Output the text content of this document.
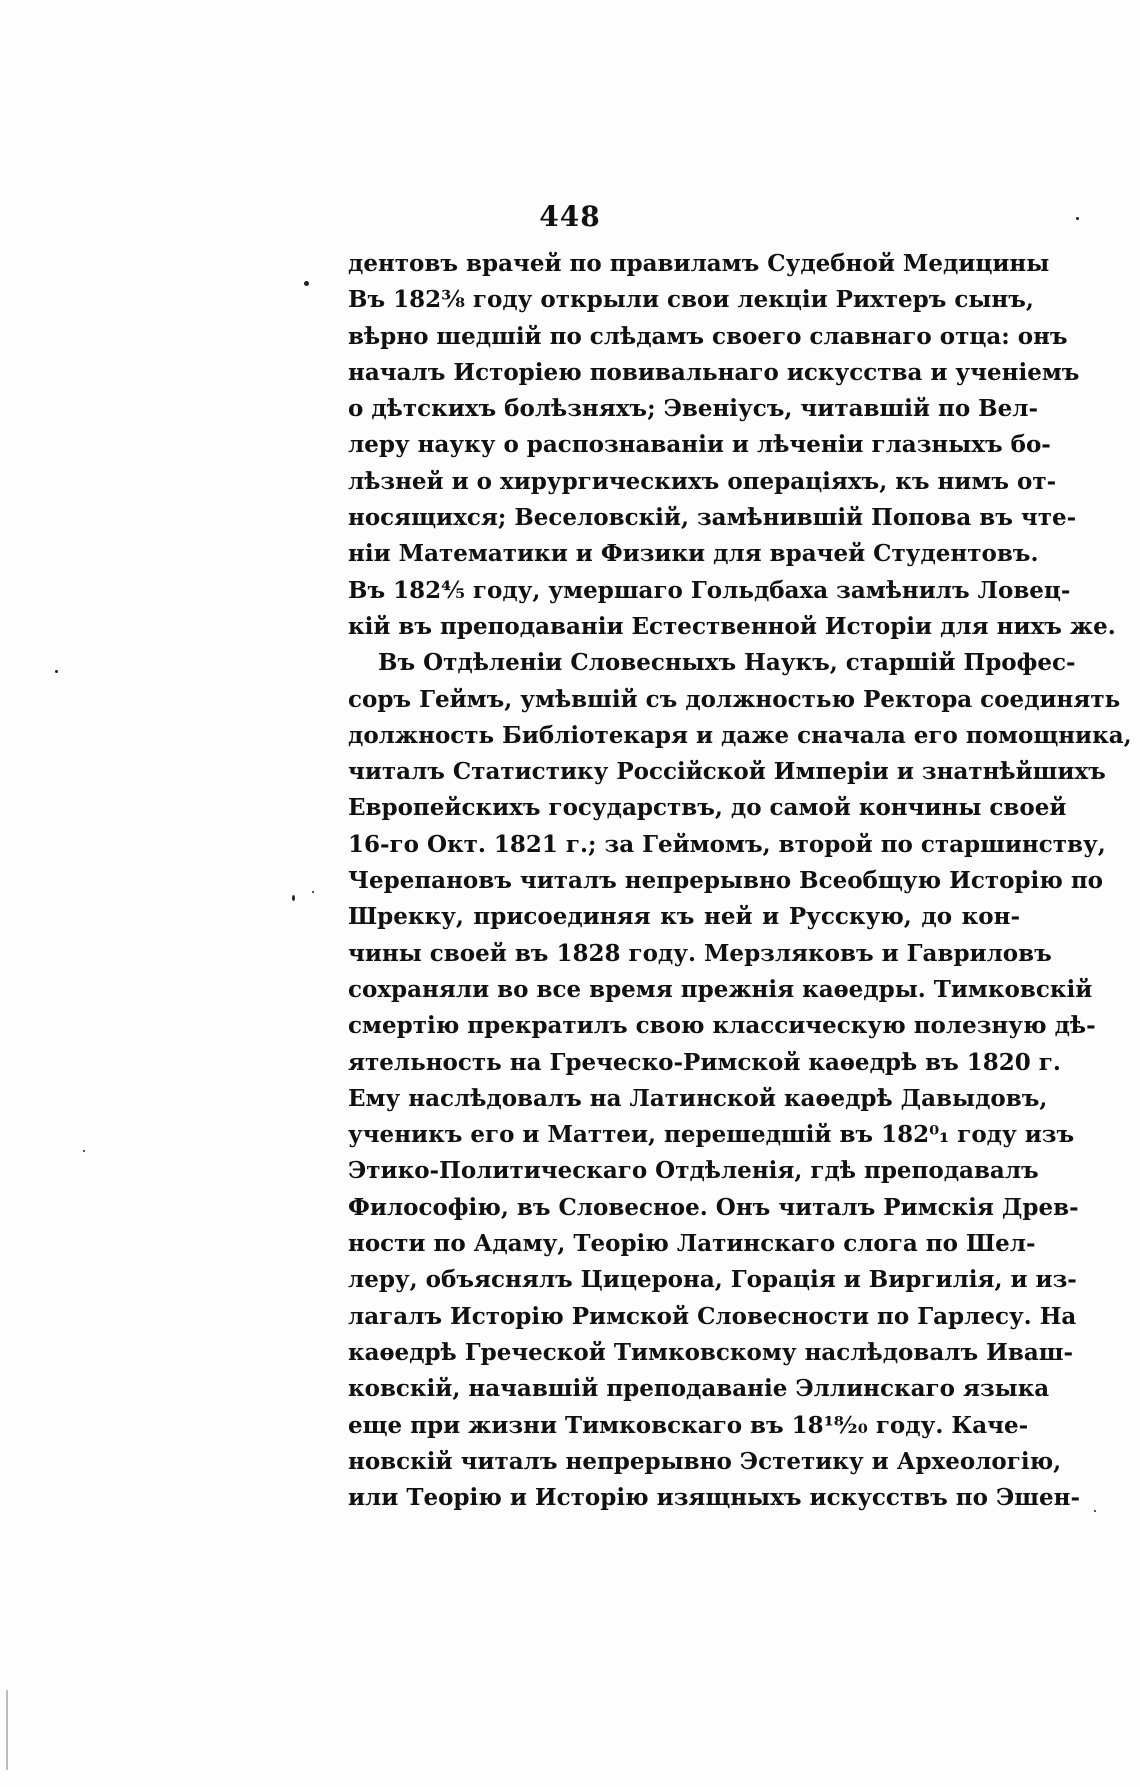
448
дентовъ врачей по правиламъ Судебной Медицины
Въ 182⅜ году открыли свои лекціи Рихтеръ сынъ,
вѣрно шедшій по слѣдамъ своего славнаго отца: онъ
началъ Исторіею повивальнаго искусства и ученіемъ
о дѣтскихъ болѣзняхъ; Эвеніусъ, читавшій по Вел-
леру науку о распознаваніи и лѣченіи глазныхъ бо-
лѣзней и о хирургическихъ операціяхъ, къ нимъ от-
носящихся; Веселовскій, замѣнившій Попова въ чте-
ніи Математики и Физики для врачей Студентовъ.
Въ 182⅘ году, умершаго Гольдбаха замѣнилъ Ловец-
кій въ преподаваніи Естественной Исторіи для нихъ же.
Въ Отдѣленіи Словесныхъ Наукъ, старшій Профес-
соръ Геймъ, умѣвшій съ должностью Ректора соединять
должность Библіотекаря и даже сначала его помощника,
читалъ Статистику Россійской Имперіи и знатнѣйшихъ
Европейскихъ государствъ, до самой кончины своей
16-го Окт. 1821 г.; за Геймомъ, второй по старшинству,
Черепановъ читалъ непрерывно Всеобщую Исторію по
Шрекку, присоединяя къ ней и Русскую, до кон-
чины своей въ 1828 году. Мерзляковъ и Гавриловъ
сохраняли во все время прежнія каѳедры. Тимковскій
смертію прекратилъ свою классическую полезную дѣ-
ятельность на Греческо-Римской каѳедрѣ въ 1820 г.
Ему наслѣдовалъ на Латинской каѳедрѣ Давыдовъ,
ученикъ его и Маттеи, перешедшій въ 182⁰₁ году изъ
Этико-Политическаго Отдѣленія, гдѣ преподавалъ
Философію, въ Словесное. Онъ читалъ Римскія Древ-
ности по Адаму, Теорію Латинскаго слога по Шел-
леру, объяснялъ Цицерона, Горація и Виргилія, и из-
лагалъ Исторію Римской Словесности по Гарлесу. На
каѳедрѣ Греческой Тимковскому наслѣдовалъ Иваш-
ковскій, начавшій преподаваніе Эллинскаго языка
еще при жизни Тимковскаго въ 18¹⁸⁄₂₀ году. Каче-
новскій читалъ непрерывно Эстетику и Археологію,
или Теорію и Исторію изящныхъ искусствъ по Эшен-
